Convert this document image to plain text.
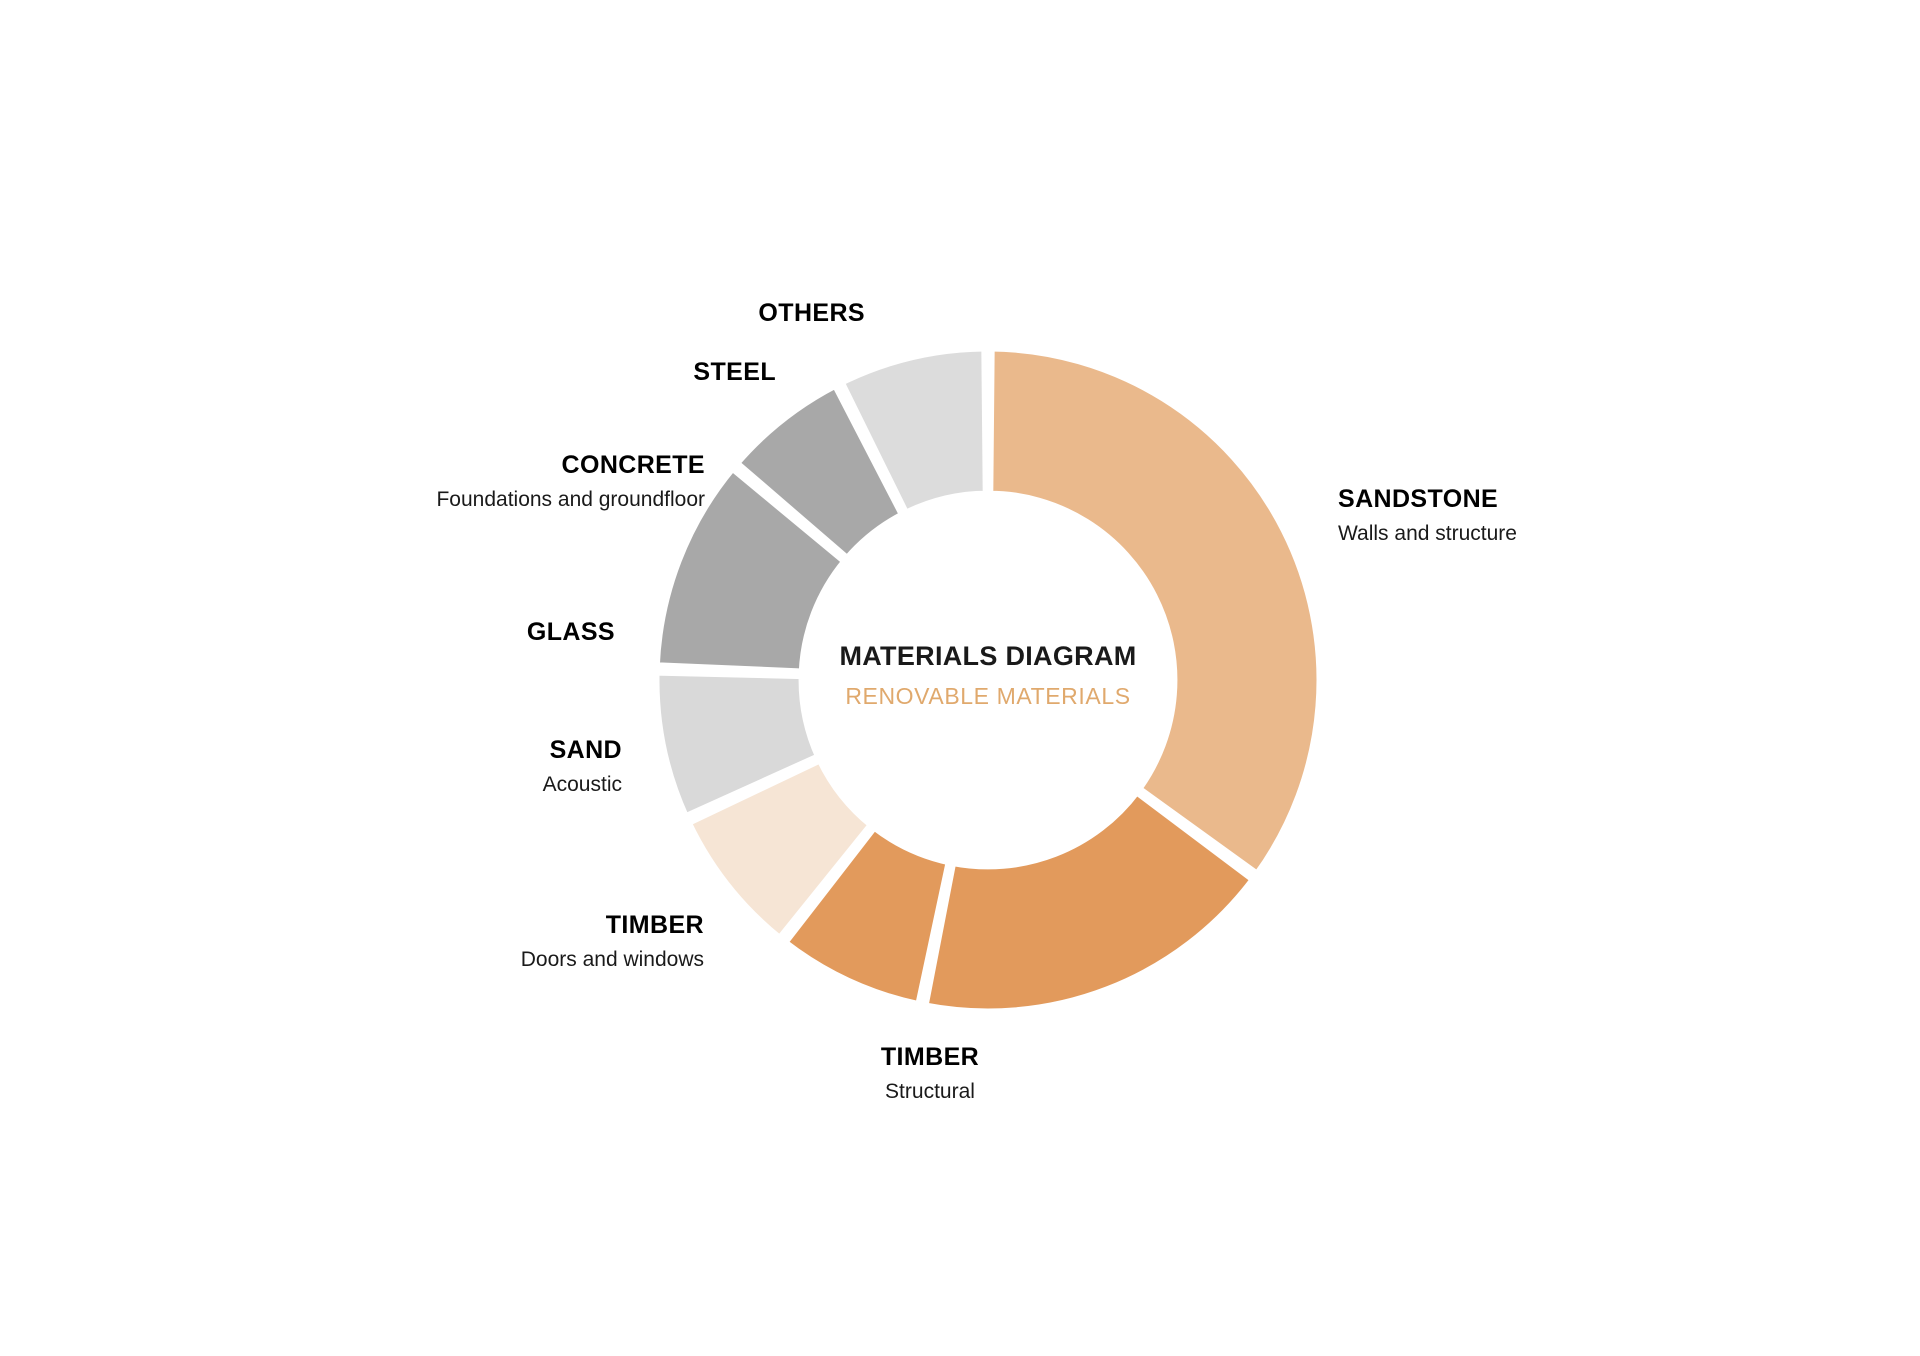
MATERIALS DIAGRAM
RENOVABLE MATERIALS
SANDSTONE
Walls and structure
TIMBER
Structural
TIMBER
Doors and windows
SAND
Acoustic
GLASS
CONCRETE
Foundations and groundfloor
STEEL
OTHERS
